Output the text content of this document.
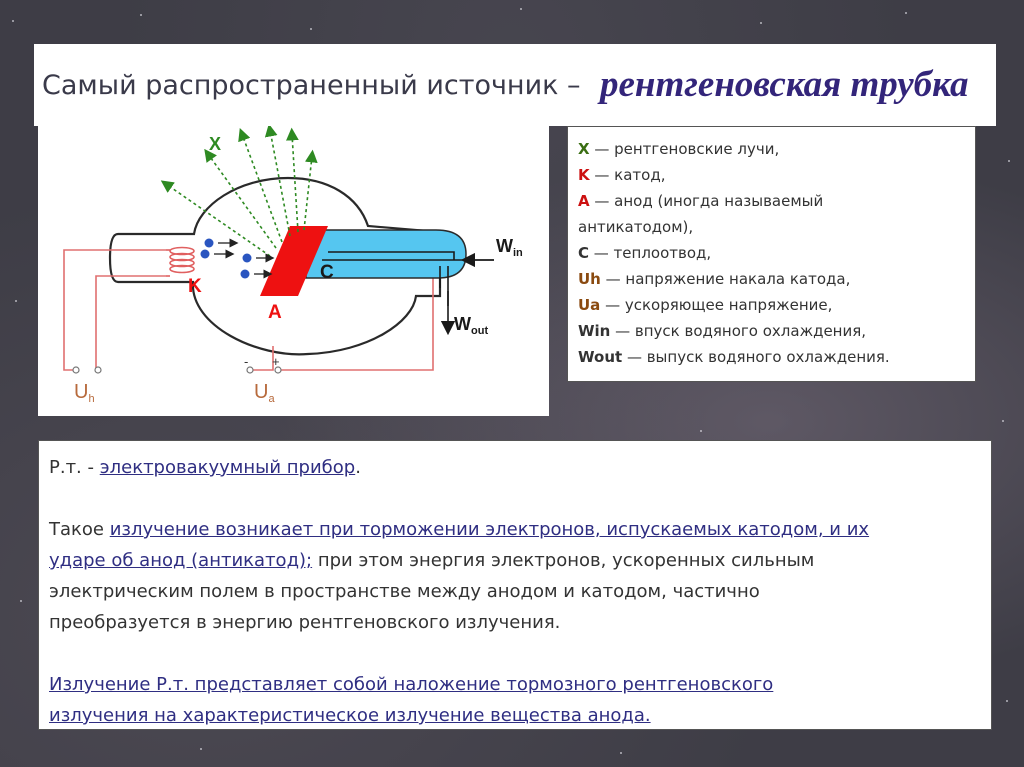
Самый распространенный источник – рентгеновская трубка
X
K
A
C
$W_{in}$
$W_{out}$
$U_h$	$U_a$
- +
X — рентгеновские лучи,
K — катод,
A — анод (иногда называемый
антикатодом),
C — теплоотвод,
Uh — напряжение накала катода,
Ua — ускоряющее напряжение,
Win — впуск водяного охлаждения,
Wout — выпуск водяного охлаждения.

Р.т. - электровакуумный прибор.

Такое излучение возникает при торможении электронов, испускаемых катодом, и их
ударе об анод (антикатод); при этом энергия электронов, ускоренных сильным
электрическим полем в пространстве между анодом и катодом, частично
преобразуется в энергию рентгеновского излучения.

Излучение Р.т. представляет собой наложение тормозного рентгеновского
излучения на характеристическое излучение вещества анода.
